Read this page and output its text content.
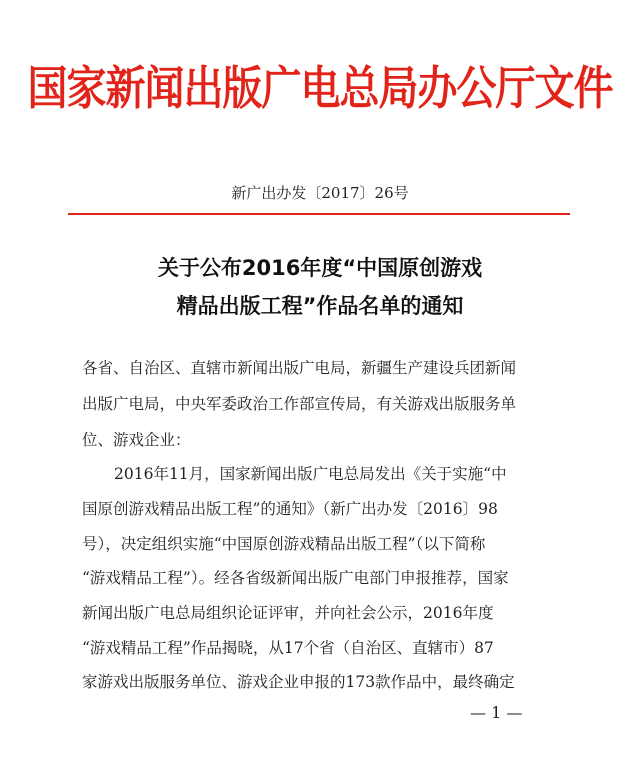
国家新闻出版广电总局办公厅文件
新广出办发〔2017〕26号
关于公布2016年度“中国原创游戏
精品出版工程”作品名单的通知
各省、自治区、直辖市新闻出版广电局，新疆生产建设兵团新闻
出版广电局，中央军委政治工作部宣传局，有关游戏出版服务单
位、游戏企业：
2016年11月，国家新闻出版广电总局发出《关于实施“中
国原创游戏精品出版工程”的通知》（新广出办发〔2016〕98
号），决定组织实施“中国原创游戏精品出版工程”（以下简称
“游戏精品工程”）。经各省级新闻出版广电部门申报推荐，国家
新闻出版广电总局组织论证评审，并向社会公示，2016年度
“游戏精品工程”作品揭晓，从17个省（自治区、直辖市）87
家游戏出版服务单位、游戏企业申报的173款作品中，最终确定
— 1 —
